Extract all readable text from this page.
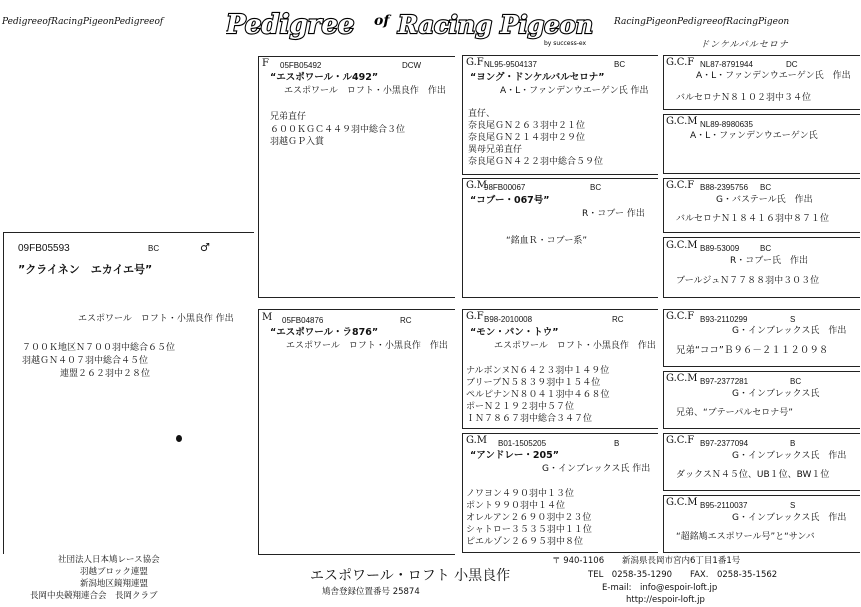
PedigreeofRacingPigeonPedigreeof	RacingPigeonPedigreeofRacingPigeon
Pedigree of Racing Pigeon
by success-ex
09FB05593	BC	♂
”クライネン　エカイエ号”
エスポワール　ロフト・小黒良作 作出
７００Ｋ地区Ｎ７００羽中総合６５位
羽越ＧＮ４０７羽中総合４５位
連盟２６２羽中２８位
F 05FB05492	DCW
“エスポワール・ル492”
エスポワール　ロフト・小黒良作　作出
兄弟直仔
６００ＫＧＣ４４９羽中総合３位
羽越ＧＰ入賞
M 05FB04876	RC
“エスポワール・ラ876”
エスポワール　ロフト・小黒良作　作出
G.F NL95-9504137	BC
“ヨング・ドンケルバルセロナ”
A・L・ファンデンウエーゲン氏 作出
直仔、
奈良尾ＧＮ２６３羽中２１位
奈良尾ＧＮ２１４羽中２９位
異母兄弟直仔
奈良尾ＧＮ４２２羽中総合５９位
G.M
98FB00067	BC
“コブー・067号”
R・コブー 作出
“銘血Ｒ・コブー系”
G.F B98-2010008	RC
“モン・パン・トウ”
エスポワール　ロフト・小黒良作　作出
ナルボンヌＮ６４２３羽中１４９位
ブリーブＮ５８３９羽中１５４位
ペルピナンＮ８０４１羽中４６８位
ポーＮ２１９２羽中５７位
ＩＮ７８６７羽中総合３４７位
G.M B01-1505205	B
“アンドレー・205”
G・インブレックス氏 作出
ノワヨン４９０羽中１３位
ポント９９０羽中１４位
オレルアン２６９０羽中２３位
シャトロー３５３５羽中１１位
ピエルゾン２６９５羽中８位
ドンケルバルセロナ
G.C.F NL87-8791944	DC
A・L・ファンデンウエーゲン氏　作出
バルセロナＮ８１０２羽中３４位
G.C.M NL89-8980635
A・L・ファンデンウエーゲン氏
G.C.F B88-2395756 BC
G・バステール氏　作出
バルセロナＮ１８４１６羽中８７１位
G.C.M B89-53009	BC
R・コブー氏　作出
ブールジュＮ７７８８羽中３０３位
G.C.F B93-2110299	S
G・インブレックス氏　作出
兄弟“ココ”Ｂ９６－２１１２０９８
G.C.M B97-2377281	BC
G・インブレックス氏
兄弟、“ブテーパルセロナ号”
G.C.F B97-2377094	B
G・インブレックス氏　作出
ダックスＮ４５位、UB１位、BW１位
G.C.M B95-2110037	S
G・インブレックス氏　作出
“超銘鳩エスポワール号”と“サンバ
社団法人日本鳩レース協会
羽越ブロック連盟
新潟地区鏡翔連盟
長岡中央競翔連合会　長岡クラブ
エスポワール・ロフト 小黒良作
鳩舎登録位置番号 25874
〒 940-1106 新潟県長岡市宮内6丁目1番1号
TEL　0258-35-1290 FAX.　0258-35-1562
E-mail:　info@espoir-loft.jp
http://espoir-loft.jp
